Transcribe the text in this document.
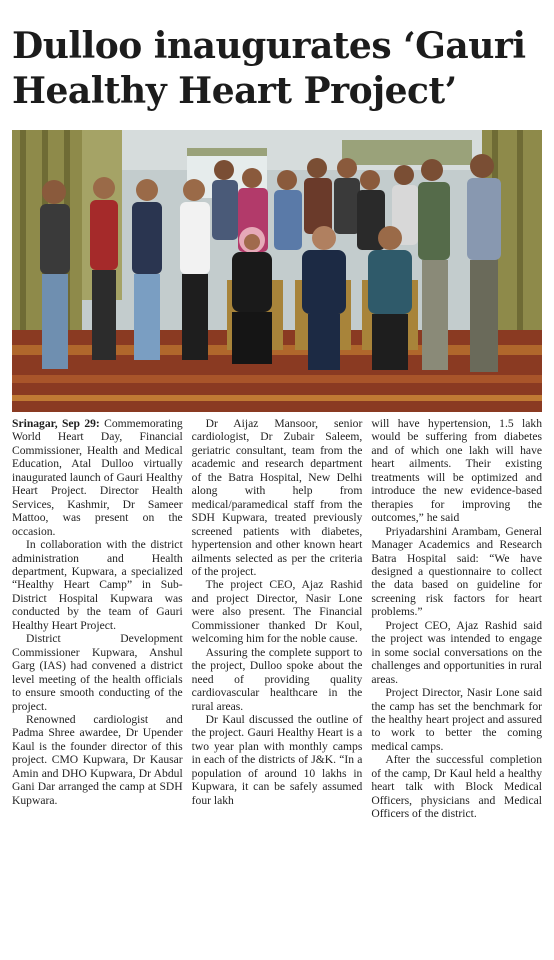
Dulloo inaugurates ‘Gauri Healthy Heart Project’

Srinagar, Sep 29: Commemorating World Heart Day, Financial Commissioner, Health and Medical Education, Atal Dulloo virtually inaugurated launch of Gauri Healthy Heart Project. Director Health Services, Kashmir, Dr Sameer Mattoo, was present on the occasion.

In collaboration with the district administration and Health department, Kupwara, a specialized “Healthy Heart Camp” in Sub-District Hospital Kupwara was conducted by the team of Gauri Healthy Heart Project.

District Development Commissioner Kupwara, Anshul Garg (IAS) had convened a district level meeting of the health officials to ensure smooth conducting of the project.

Renowned cardiologist and Padma Shree awardee, Dr Upender Kaul is the founder director of this project. CMO Kupwara, Dr Kausar Amin and DHO Kupwara, Dr Abdul Gani Dar arranged the camp at SDH Kupwara.

Dr Aijaz Mansoor, senior cardiologist, Dr Zubair Saleem, geriatric consultant, team from the academic and research department of the Batra Hospital, New Delhi along with help from medical/paramedical staff from the SDH Kupwara, treated previously screened patients with diabetes, hypertension and other known heart ailments selected as per the criteria of the project.

The project CEO, Ajaz Rashid and project Director, Nasir Lone were also present. The Financial Commissioner thanked Dr Koul, welcoming him for the noble cause.

Assuring the complete support to the project, Dulloo spoke about the need of providing quality cardiovascular healthcare in the rural areas.

Dr Kaul discussed the outline of the project. Gauri Healthy Heart is a two year plan with monthly camps in each of the districts of J&K. “In a population of around 10 lakhs in Kupwara, it can be safely assumed four lakh

will have hypertension, 1.5 lakh would be suffering from diabetes and of which one lakh will have heart ailments. Their existing treatments will be optimized and introduce the new evidence-based therapies for improving the outcomes,” he said

Priyadarshini Arambam, General Manager Academics and Research Batra Hospital said: “We have designed a questionnaire to collect the data based on guideline for screening risk factors for heart problems.”

Project CEO, Ajaz Rashid said the project was intended to engage in some social conversations on the challenges and opportunities in rural areas.

Project Director, Nasir Lone said the camp has set the benchmark for the healthy heart project and assured to work to better the coming medical camps.

After the successful completion of the camp, Dr Kaul held a healthy heart talk with Block Medical Officers, physicians and Medical Officers of the district.
